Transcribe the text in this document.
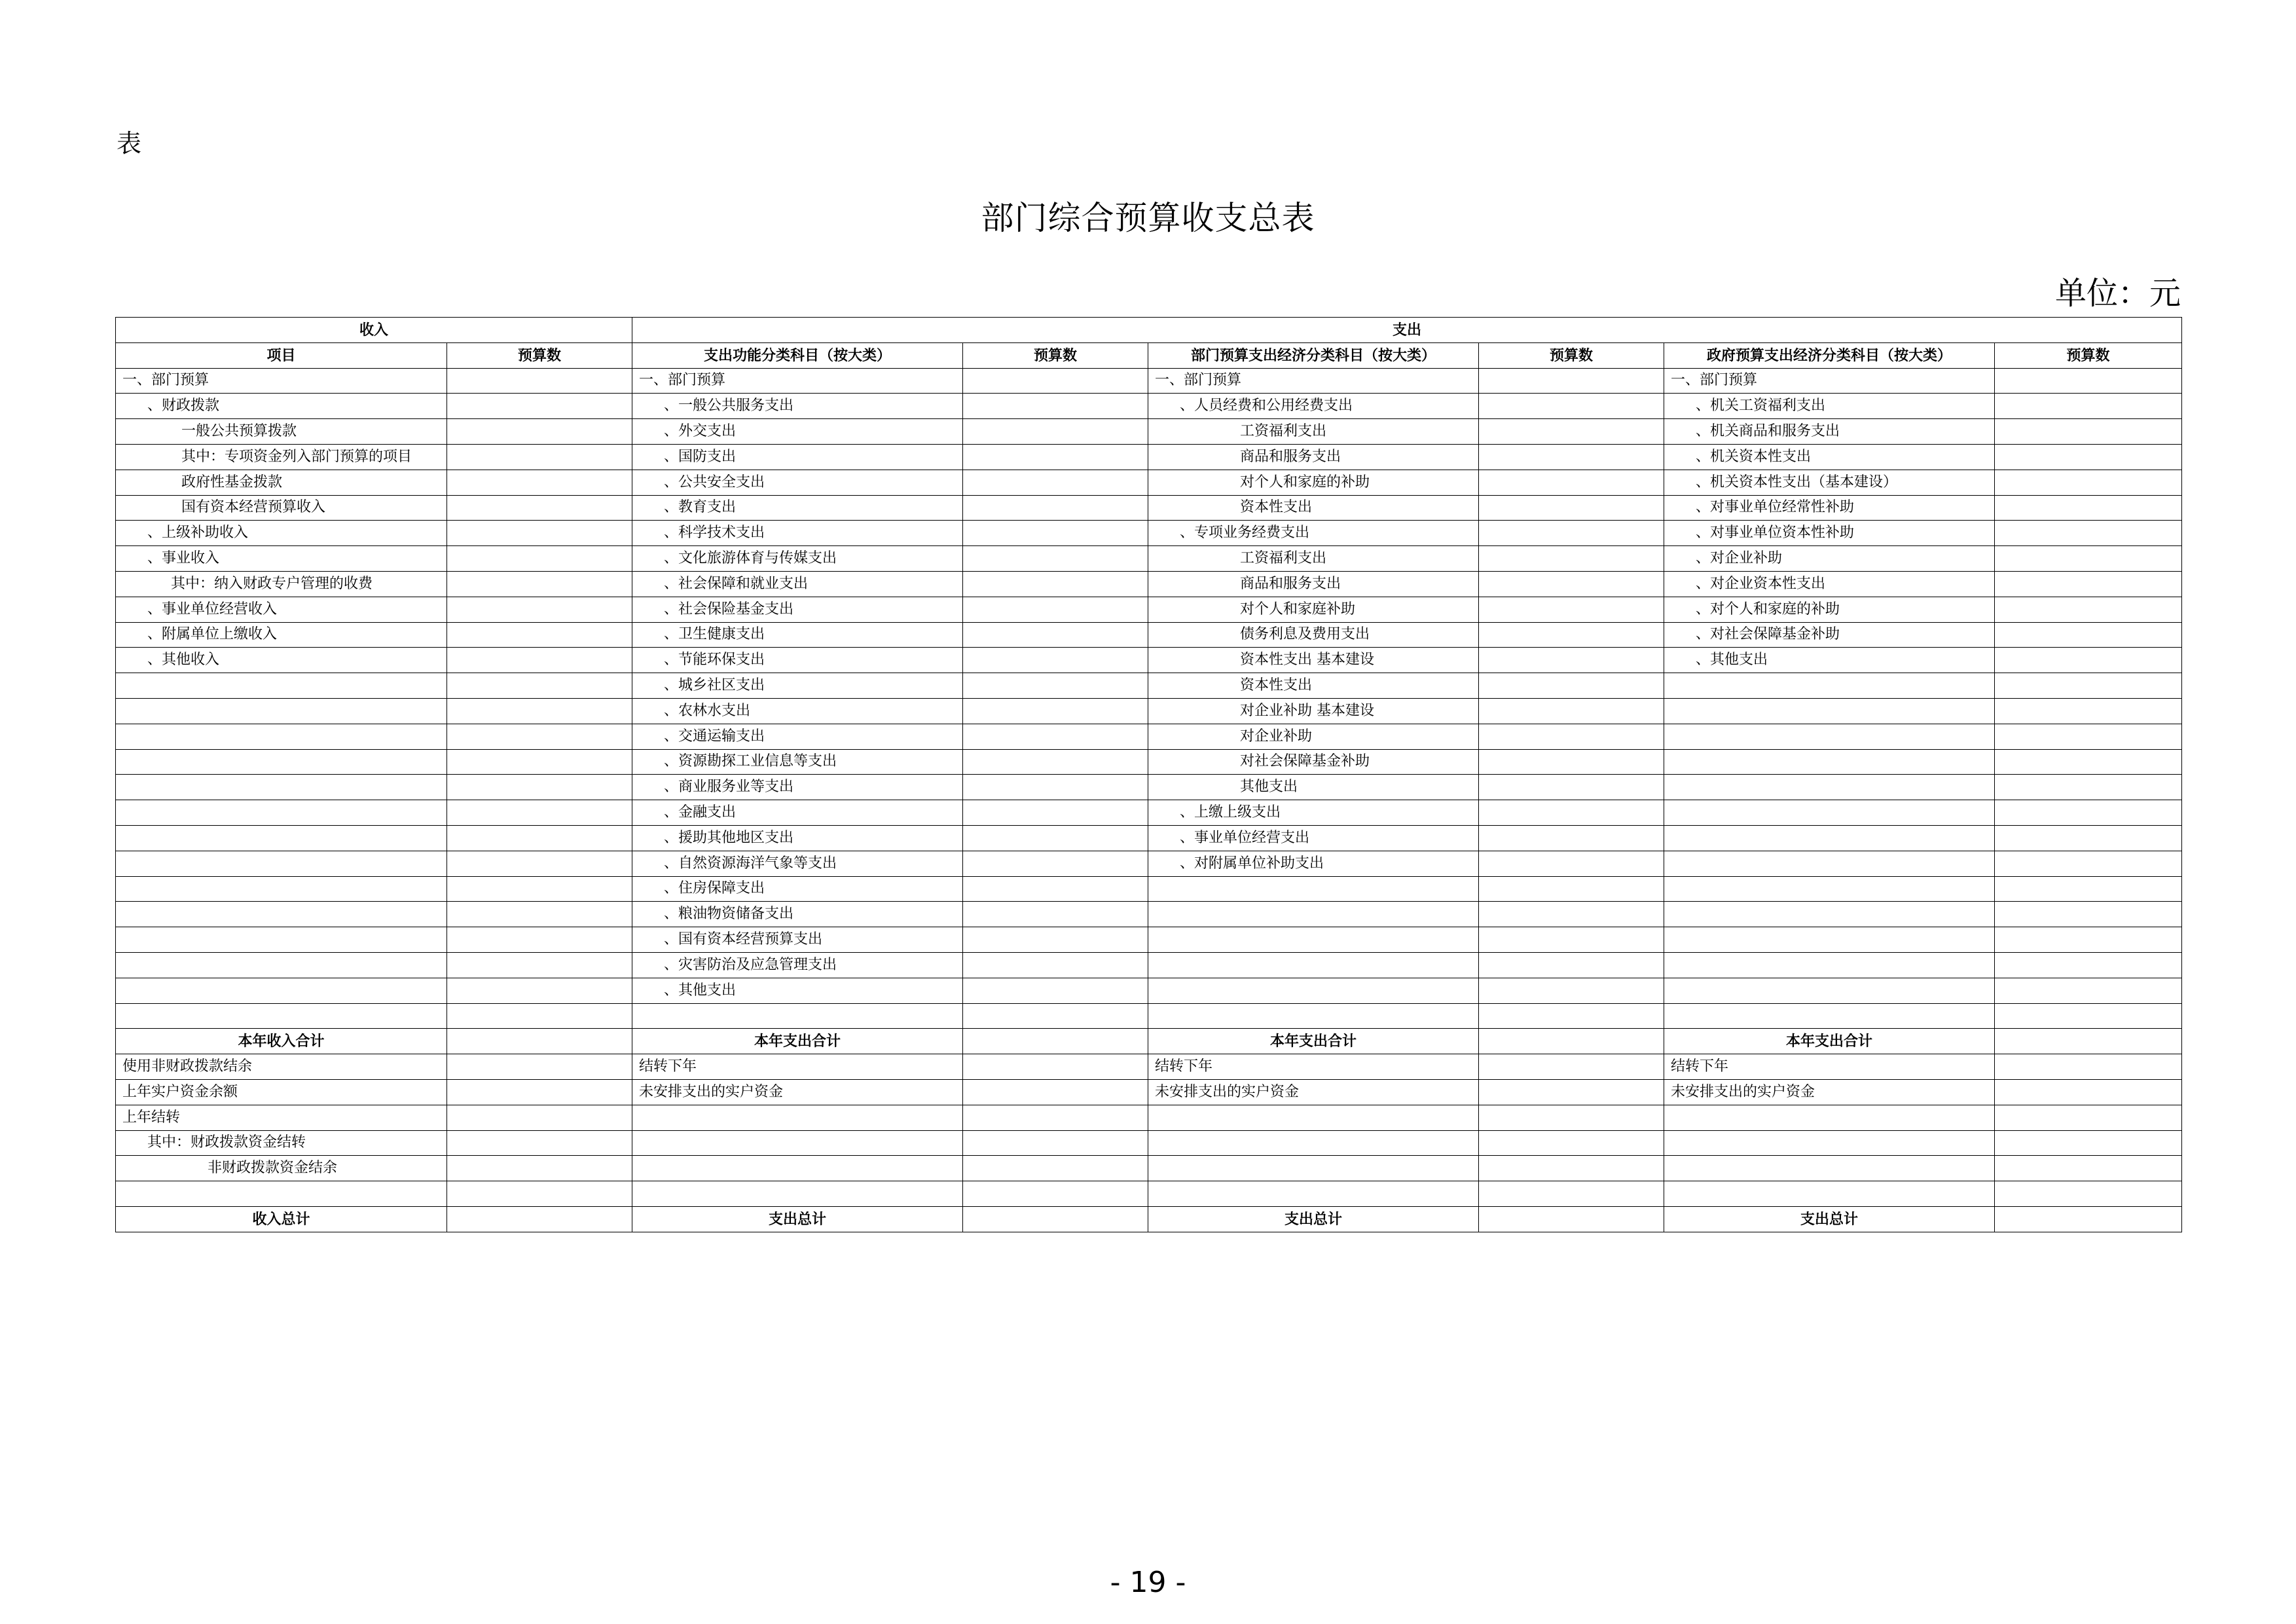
表
部门综合预算收支总表
单位：元
收入		支出					
项目	预算数	支出功能分类科目（按大类）	预算数	部门预算支出经济分类科目（按大类）	预算数	政府预算支出经济分类科目（按大类）	预算数
一、部门预算		一、部门预算		一、部门预算		一、部门预算	
、财政拨款		、一般公共服务支出		、人员经费和公用经费支出		、机关工资福利支出	
一般公共预算拨款		、外交支出		工资福利支出		、机关商品和服务支出	
其中：专项资金列入部门预算的项目		、国防支出		商品和服务支出		、机关资本性支出	
政府性基金拨款		、公共安全支出		对个人和家庭的补助		、机关资本性支出（基本建设）	
国有资本经营预算收入		、教育支出		资本性支出		、对事业单位经常性补助	
、上级补助收入		、科学技术支出		、专项业务经费支出		、对事业单位资本性补助	
、事业收入		、文化旅游体育与传媒支出		工资福利支出		、对企业补助	
其中：纳入财政专户管理的收费		、社会保障和就业支出		商品和服务支出		、对企业资本性支出	
、事业单位经营收入		、社会保险基金支出		对个人和家庭补助		、对个人和家庭的补助	
、附属单位上缴收入		、卫生健康支出		债务利息及费用支出		、对社会保障基金补助	
、其他收入		、节能环保支出		资本性支出 基本建设		、其他支出	
		、城乡社区支出		资本性支出			
		、农林水支出		对企业补助 基本建设			
		、交通运输支出		对企业补助			
		、资源勘探工业信息等支出		对社会保障基金补助			
		、商业服务业等支出		其他支出			
		、金融支出		、上缴上级支出			
		、援助其他地区支出		、事业单位经营支出			
		、自然资源海洋气象等支出		、对附属单位补助支出			
		、住房保障支出					
		、粮油物资储备支出					
		、国有资本经营预算支出					
		、灾害防治及应急管理支出					
		、其他支出					

本年收入合计		本年支出合计		本年支出合计		本年支出合计	
使用非财政拨款结余		结转下年		结转下年		结转下年	
上年实户资金余额		未安排支出的实户资金		未安排支出的实户资金		未安排支出的实户资金	
上年结转							
其中：财政拨款资金结转							
非财政拨款资金结余							

收入总计		支出总计		支出总计		支出总计	
- 19 -
